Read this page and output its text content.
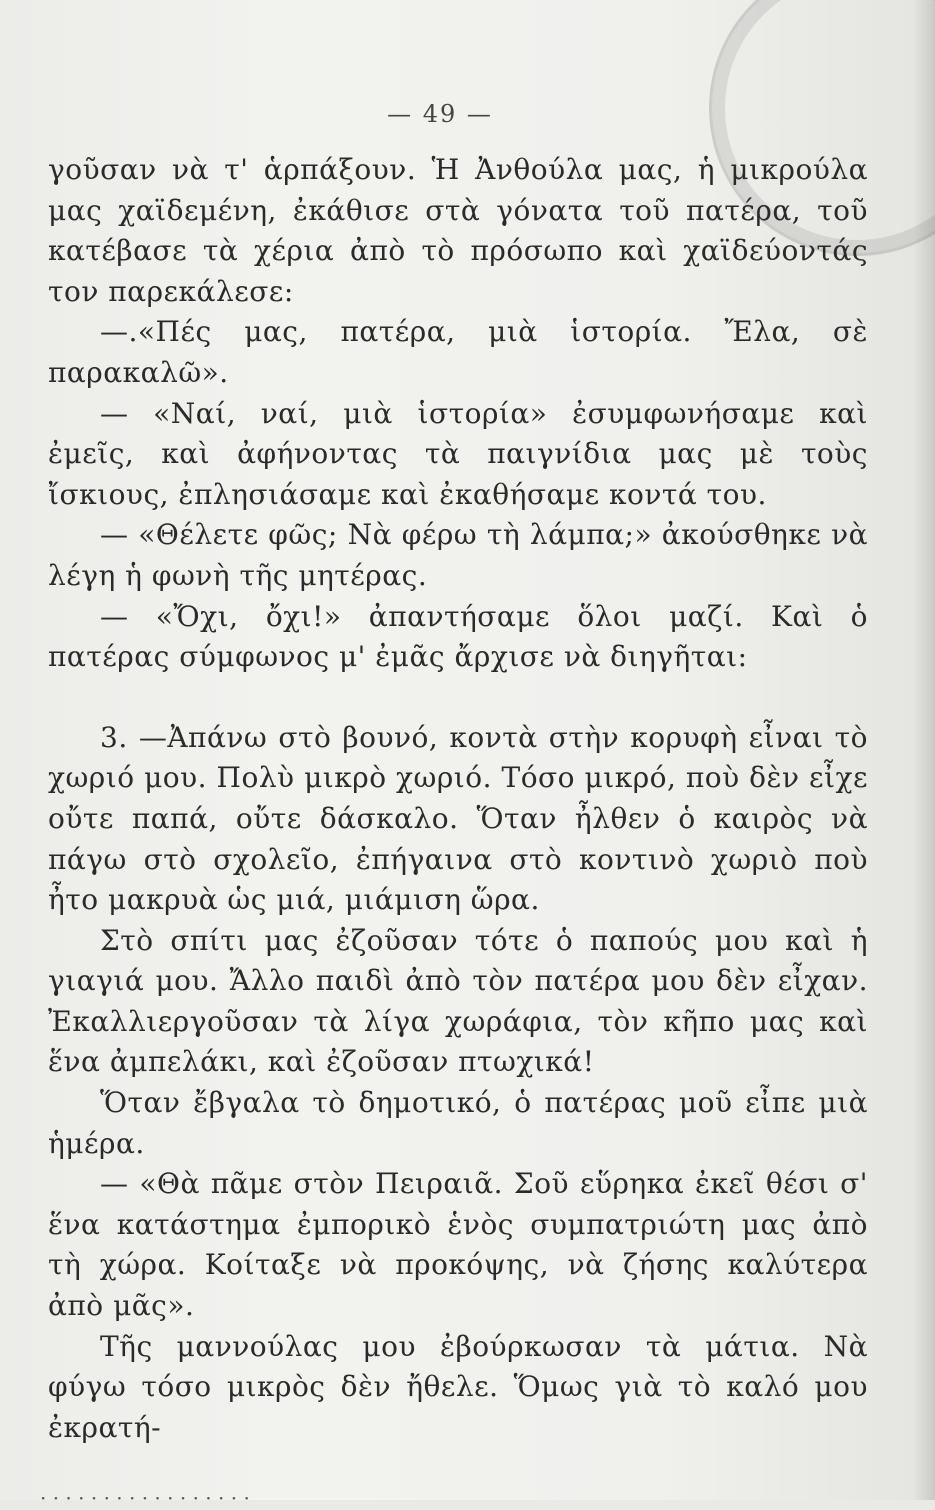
— 49 —

γοῦσαν νὰ τ' ἁρπάξουν. Ἡ Ἀνθούλα μας, ἡ μικρούλα μας χαϊδεμένη, ἐκάθισε στὰ γόνατα τοῦ πατέρα, τοῦ κατέβασε τὰ χέρια ἀπὸ τὸ πρόσωπο καὶ χαϊδεύοντάς τον παρεκάλεσε:

—.«Πές μας, πατέρα, μιὰ ἱστορία. Ἔλα, σὲ παρακαλῶ».

— «Ναί, ναί, μιὰ ἱστορία» ἐσυμφωνήσαμε καὶ ἐμεῖς, καὶ ἀφήνοντας τὰ παιγνίδια μας μὲ τοὺς ἴσκιους, ἐπλησιάσαμε καὶ ἐκαθήσαμε κοντά του.

— «Θέλετε φῶς; Νὰ φέρω τὴ λάμπα;» ἀκούσθηκε νὰ λέγη ἡ φωνὴ τῆς μητέρας.

— «Ὄχι, ὄχι!» ἀπαντήσαμε ὅλοι μαζί. Καὶ ὁ πατέρας σύμφωνος μ' ἐμᾶς ἄρχισε νὰ διηγῆται:

3. —Ἀπάνω στὸ βουνό, κοντὰ στὴν κορυφὴ εἶναι τὸ χωριό μου. Πολὺ μικρὸ χωριό. Τόσο μικρό, ποὺ δὲν εἶχε οὔτε παπά, οὔτε δάσκαλο. Ὅταν ἦλθεν ὁ καιρὸς νὰ πάγω στὸ σχολεῖο, ἐπήγαινα στὸ κοντινὸ χωριὸ ποὺ ἦτο μακρυὰ ὡς μιά, μιάμιση ὥρα.

Στὸ σπίτι μας ἐζοῦσαν τότε ὁ παπούς μου καὶ ἡ γιαγιά μου. Ἄλλο παιδὶ ἀπὸ τὸν πατέρα μου δὲν εἶχαν. Ἐκαλλιεργοῦσαν τὰ λίγα χωράφια, τὸν κῆπο μας καὶ ἕνα ἀμπελάκι, καὶ ἐζοῦσαν πτωχικά!

Ὅταν ἔβγαλα τὸ δημοτικό, ὁ πατέρας μοῦ εἶπε μιὰ ἡμέρα.

— «Θὰ πᾶμε στὸν Πειραιᾶ. Σοῦ εὕρηκα ἐκεῖ θέσι σ' ἕνα κατάστημα ἐμπορικὸ ἑνὸς συμπατριώτη μας ἀπὸ τὴ χώρα. Κοίταξε νὰ προκόψης, νὰ ζήσης καλύτερα ἀπὸ μᾶς».

Τῆς μαννούλας μου ἐβούρκωσαν τὰ μάτια. Νὰ φύγω τόσο μικρὸς δὲν ἤθελε. Ὅμως γιὰ τὸ καλό μου ἐκρατή-

· · · · · · · · · · · · · · · · ·
